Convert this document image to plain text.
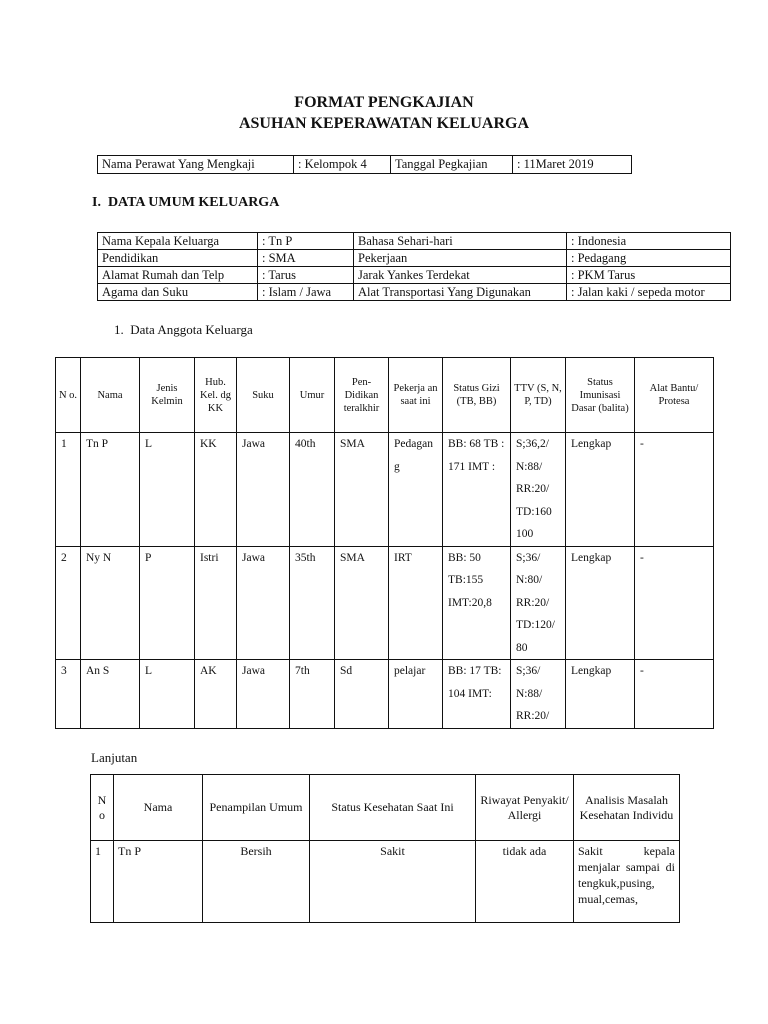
FORMAT PENGKAJIAN
ASUHAN KEPERAWATAN KELUARGA
Nama Perawat Yang Mengkaji	: Kelompok 4	Tanggal Pegkajian	: 11Maret 2019
I.  DATA UMUM KELUARGA
Nama Kepala Keluarga	: Tn P	Bahasa Sehari-hari	: Indonesia
Pendidikan	: SMA	Pekerjaan	: Pedagang
Alamat Rumah dan Telp	: Tarus	Jarak Yankes Terdekat	: PKM Tarus
Agama dan Suku	: Islam / Jawa	Alat Transportasi Yang Digunakan	: Jalan kaki / sepeda motor
1.  Data Anggota Keluarga
N o.	Nama	Jenis Kelmin	Hub. Kel. dg KK	Suku	Umur	Pen- Didikan teralkhir	Pekerja an saat ini	Status Gizi (TB, BB)	TTV (S, N, P, TD)	Status Imunisasi Dasar (balita)	Alat Bantu/ Protesa
1	Tn P	L	KK	Jawa	40th	SMA	Pedagan g	BB: 68 TB : 171 IMT :	S;36,2/ N:88/ RR:20/ TD:160 100	Lengkap	-
2	Ny N	P	Istri	Jawa	35th	SMA	IRT	BB: 50 TB:155 IMT:20,8	S;36/ N:80/ RR:20/ TD:120/ 80	Lengkap	-
3	An S	L	AK	Jawa	7th	Sd	pelajar	BB: 17 TB: 104 IMT:	S;36/ N:88/ RR:20/	Lengkap	-
Lanjutan
N o	Nama	Penampilan Umum	Status Kesehatan Saat Ini	Riwayat Penyakit/ Allergi	Analisis Masalah Kesehatan Individu
1	Tn P	Bersih	Sakit	tidak ada	Sakit kepala menjalar sampai di tengkuk,pusing, mual,cemas,
